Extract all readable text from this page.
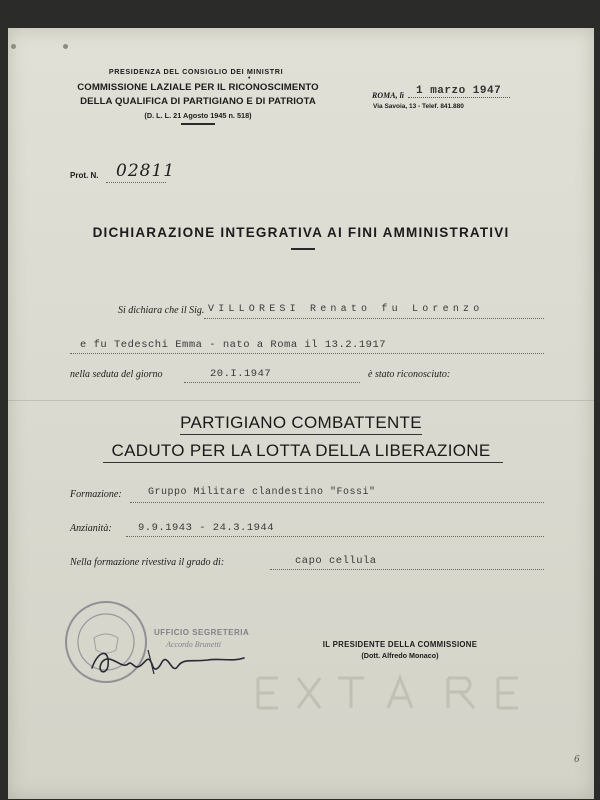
PRESIDENZA DEL CONSIGLIO DEI MINISTRI
•
COMMISSIONE LAZIALE PER IL RICONOSCIMENTO
DELLA QUALIFICA DI PARTIGIANO E DI PATRIOTA
(D. L. L. 21 Agosto 1945 n. 518)
ROMA, lì 1 marzo 1947
Via Savoia, 13 - Telef. 841.880
Prot. N. 02811
DICHIARAZIONE INTEGRATIVA AI FINI AMMINISTRATIVI
Si dichiara che il Sig. VILLORESI Renato fu Lorenzo
e fu Tedeschi Emma - nato a Roma il 13.2.1917
nella seduta del giorno	20.I.1947	è stato riconosciuto:
PARTIGIANO COMBATTENTE
CADUTO PER LA LOTTA DELLA LIBERAZIONE
Formazione:	Gruppo Militare clandestino "Fossi"
Anzianità:	9.9.1943 - 24.3.1944
Nella formazione rivestiva il grado di:	capo cellula
UFFICIO SEGRETERIA
Accordo Brunetti	IL PRESIDENTE DELLA COMMISSIONE
(Dott. Alfredo Monaco)
6
